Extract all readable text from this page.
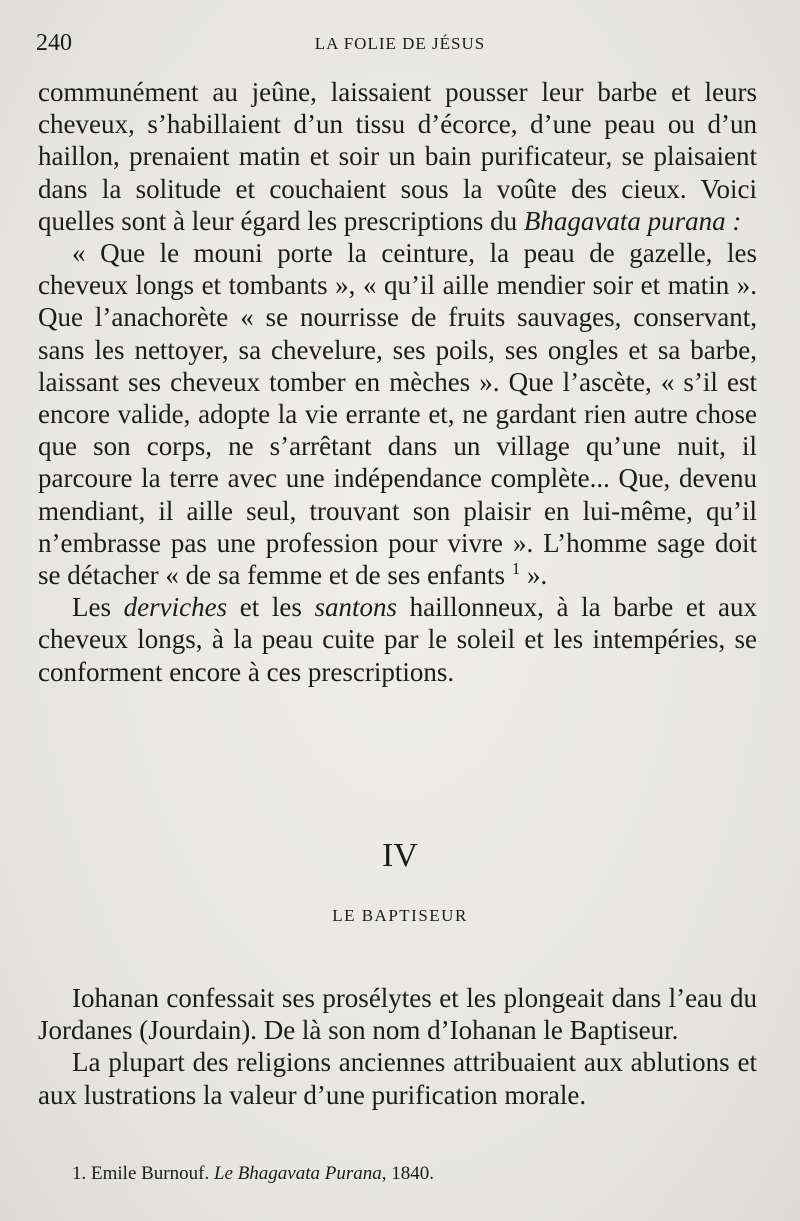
240	LA FOLIE DE JÉSUS

communément au jeûne, laissaient pousser leur barbe et leurs cheveux, s’habillaient d’un tissu d’écorce, d’une peau ou d’un haillon, prenaient matin et soir un bain purificateur, se plaisaient dans la solitude et couchaient sous la voûte des cieux. Voici quelles sont à leur égard les prescriptions du Bhagavata purana :

« Que le mouni porte la ceinture, la peau de gazelle, les cheveux longs et tombants », « qu’il aille mendier soir et matin ». Que l’anachorète « se nourrisse de fruits sauvages, conservant, sans les nettoyer, sa chevelure, ses poils, ses ongles et sa barbe, laissant ses cheveux tomber en mèches ». Que l’ascète, « s’il est encore valide, adopte la vie errante et, ne gardant rien autre chose que son corps, ne s’arrêtant dans un village qu’une nuit, il parcoure la terre avec une indépendance complète... Que, devenu mendiant, il aille seul, trouvant son plaisir en lui-même, qu’il n’embrasse pas une profession pour vivre ». L’homme sage doit se détacher « de sa femme et de ses enfants $^1$ ».

Les derviches et les santons haillonneux, à la barbe et aux cheveux longs, à la peau cuite par le soleil et les intempéries, se conforment encore à ces prescriptions.

IV
LE BAPTISEUR

Iohanan confessait ses prosélytes et les plongeait dans l’eau du Jordanes (Jourdain). De là son nom d’Iohanan le Baptiseur.

La plupart des religions anciennes attribuaient aux ablutions et aux lustrations la valeur d’une purification morale.

1. Emile Burnouf. Le Bhagavata Purana, 1840.
